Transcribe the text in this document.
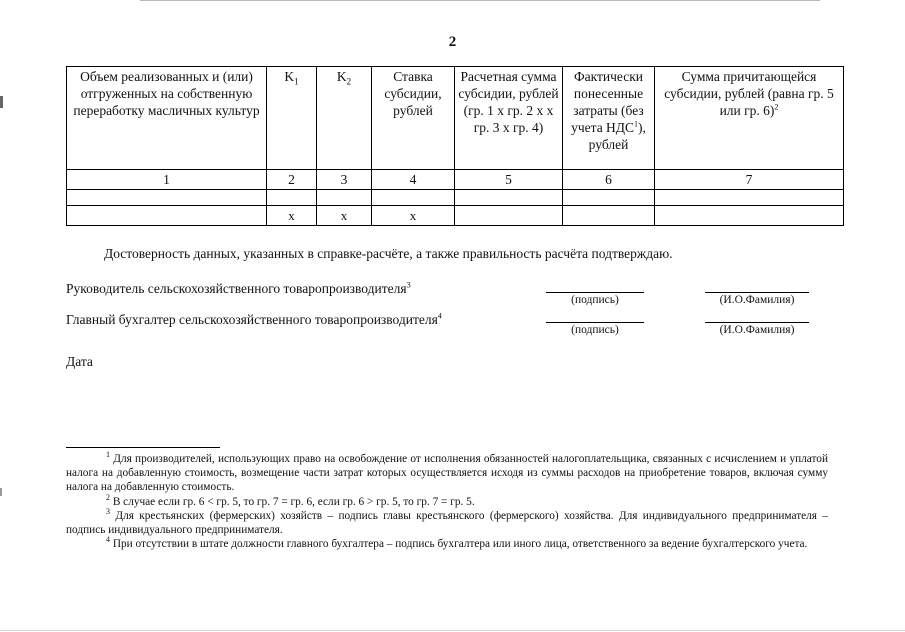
2
Объем реализованных и (или) отгруженных на собственную переработку масличных культур	$K_1$	$K_2$	Ставка субсидии, рублей	Расчетная сумма субсидии, рублей (гр. 1 х гр. 2 х х гр. 3 х гр. 4)	Фактически понесенные затраты (без учета НДС$^1$), рублей	Сумма причитающейся субсидии, рублей (равна гр. 5 или гр. 6)$^2$
1	2	3	4	5	6	7

	х	х	х			
Достоверность данных, указанных в справке-расчёте, а также правильность расчёта подтверждаю.
Руководитель сельскохозяйственного товаропроизводителя$^3$
(подпись)	(И.О.Фамилия)
Главный бухгалтер сельскохозяйственного товаропроизводителя$^4$
(подпись)	(И.О.Фамилия)
Дата

$^1$ Для производителей, использующих право на освобождение от исполнения обязанностей налогоплательщика, связанных с исчислением и уплатой налога на добавленную стоимость, возмещение части затрат которых осуществляется исходя из суммы расходов на приобретение товаров, включая сумму налога на добавленную стоимость.

$^2$ В случае если гр. 6 < гр. 5, то гр. 7 = гр. 6, если гр. 6 > гр. 5, то гр. 7 = гр. 5.

$^3$ Для крестьянских (фермерских) хозяйств – подпись главы крестьянского (фермерского) хозяйства. Для индивидуального предпринимателя – подпись индивидуального предпринимателя.

$^4$ При отсутствии в штате должности главного бухгалтера – подпись бухгалтера или иного лица, ответственного за ведение бухгалтерского учета.
